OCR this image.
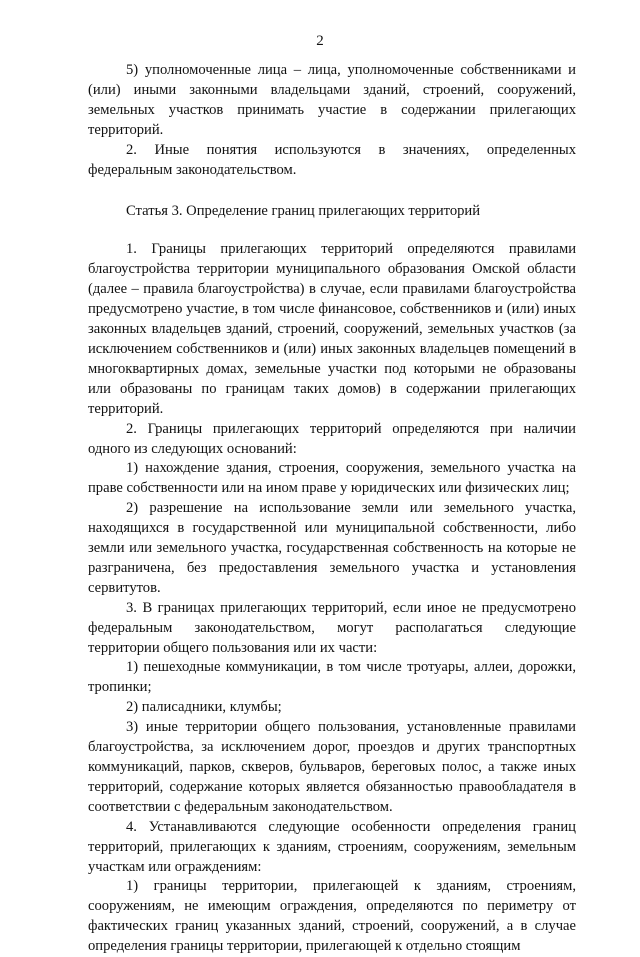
2

5) уполномоченные лица – лица, уполномоченные собственниками и (или) иными законными владельцами зданий, строений, сооружений, земельных участков принимать участие в содержании прилегающих территорий.

2. Иные понятия используются в значениях, определенных федеральным законодательством.

Статья 3. Определение границ прилегающих территорий

1. Границы прилегающих территорий определяются правилами благоустройства территории муниципального образования Омской области (далее – правила благоустройства) в случае, если правилами благоустройства предусмотрено участие, в том числе финансовое, собственников и (или) иных законных владельцев зданий, строений, сооружений, земельных участков (за исключением собственников и (или) иных законных владельцев помещений в многоквартирных домах, земельные участки под которыми не образованы или образованы по границам таких домов) в содержании прилегающих территорий.

2. Границы прилегающих территорий определяются при наличии одного из следующих оснований:

1) нахождение здания, строения, сооружения, земельного участка на праве собственности или на ином праве у юридических или физических лиц;

2) разрешение на использование земли или земельного участка, находящихся в государственной или муниципальной собственности, либо земли или земельного участка, государственная собственность на которые не разграничена, без предоставления земельного участка и установления сервитутов.

3. В границах прилегающих территорий, если иное не предусмотрено федеральным законодательством, могут располагаться следующие территории общего пользования или их части:

1) пешеходные коммуникации, в том числе тротуары, аллеи, дорожки, тропинки;

2) палисадники, клумбы;

3) иные территории общего пользования, установленные правилами благоустройства, за исключением дорог, проездов и других транспортных коммуникаций, парков, скверов, бульваров, береговых полос, а также иных территорий, содержание которых является обязанностью правообладателя в соответствии с федеральным законодательством.

4. Устанавливаются следующие особенности определения границ территорий, прилегающих к зданиям, строениям, сооружениям, земельным участкам или ограждениям:

1) границы территории, прилегающей к зданиям, строениям, сооружениям, не имеющим ограждения, определяются по периметру от фактических границ указанных зданий, строений, сооружений, а в случае определения границы территории, прилегающей к отдельно стоящим
